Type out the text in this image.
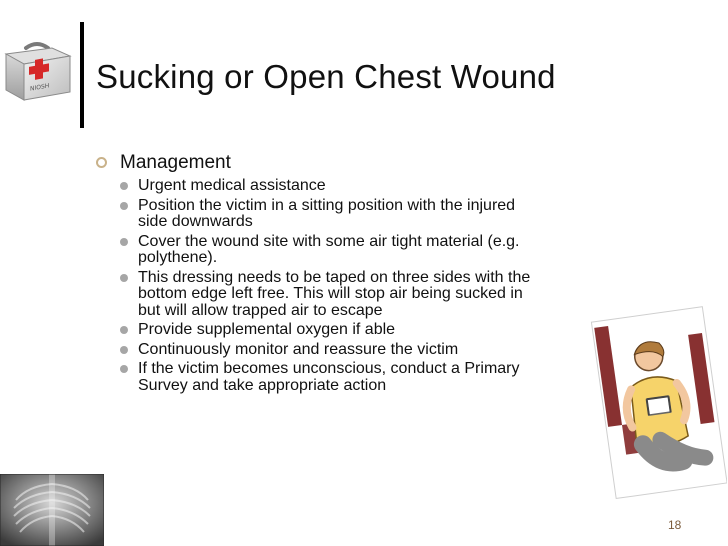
NIOSH Sucking or Open Chest Wound
Management
Urgent medical assistance
Position the victim in a sitting position with the injured side downwards
Cover the wound site with some air tight material (e.g. polythene).
This dressing needs to be taped on three sides with the bottom edge left free. This will stop air being sucked in but will allow trapped air to escape
Provide supplemental oxygen if able
Continuously monitor and reassure the victim
If the victim becomes unconscious, conduct a Primary Survey and take appropriate action
18
